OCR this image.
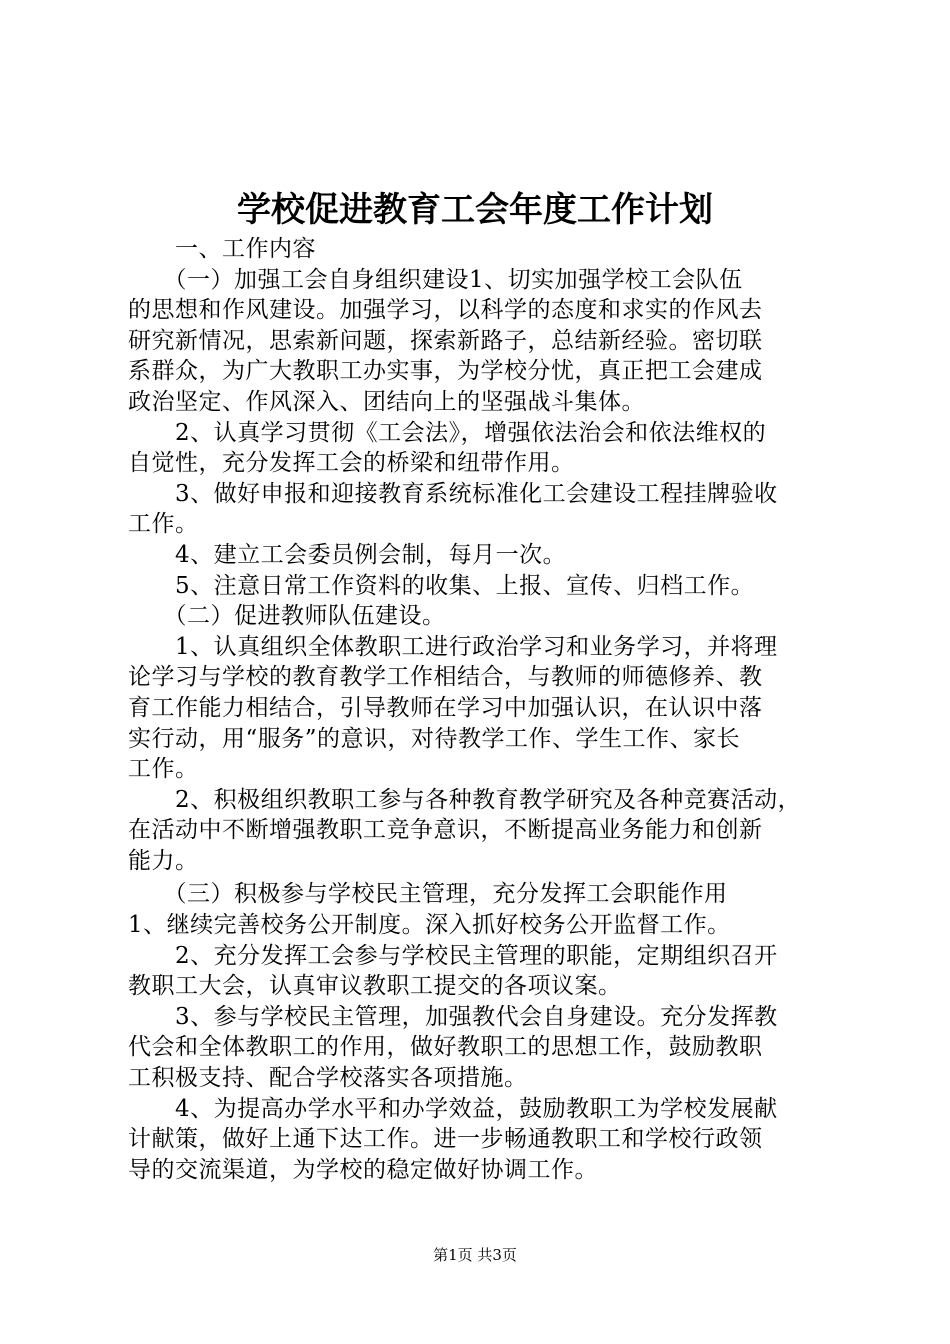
学校促进教育工会年度工作计划
　　一、工作内容
　　（一）加强工会自身组织建设1、切实加强学校工会队伍
的思想和作风建设。加强学习，以科学的态度和求实的作风去
研究新情况，思索新问题，探索新路子，总结新经验。密切联
系群众，为广大教职工办实事，为学校分忧，真正把工会建成
政治坚定、作风深入、团结向上的坚强战斗集体。
　　2、认真学习贯彻《工会法》，增强依法治会和依法维权的
自觉性，充分发挥工会的桥梁和纽带作用。
　　3、做好申报和迎接教育系统标准化工会建设工程挂牌验收
工作。
　　4、建立工会委员例会制，每月一次。
　　5、注意日常工作资料的收集、上报、宣传、归档工作。
　　（二）促进教师队伍建设。
　　1、认真组织全体教职工进行政治学习和业务学习，并将理
论学习与学校的教育教学工作相结合，与教师的师德修养、教
育工作能力相结合，引导教师在学习中加强认识，在认识中落
实行动，用“服务”的意识，对待教学工作、学生工作、家长
工作。
　　2、积极组织教职工参与各种教育教学研究及各种竞赛活动，
在活动中不断增强教职工竞争意识，不断提高业务能力和创新
能力。
　　（三）积极参与学校民主管理，充分发挥工会职能作用
1、继续完善校务公开制度。深入抓好校务公开监督工作。
　　2、充分发挥工会参与学校民主管理的职能，定期组织召开
教职工大会，认真审议教职工提交的各项议案。
　　3、参与学校民主管理，加强教代会自身建设。充分发挥教
代会和全体教职工的作用，做好教职工的思想工作，鼓励教职
工积极支持、配合学校落实各项措施。
　　4、为提高办学水平和办学效益，鼓励教职工为学校发展献
计献策，做好上通下达工作。进一步畅通教职工和学校行政领
导的交流渠道，为学校的稳定做好协调工作。
第1页 共3页
